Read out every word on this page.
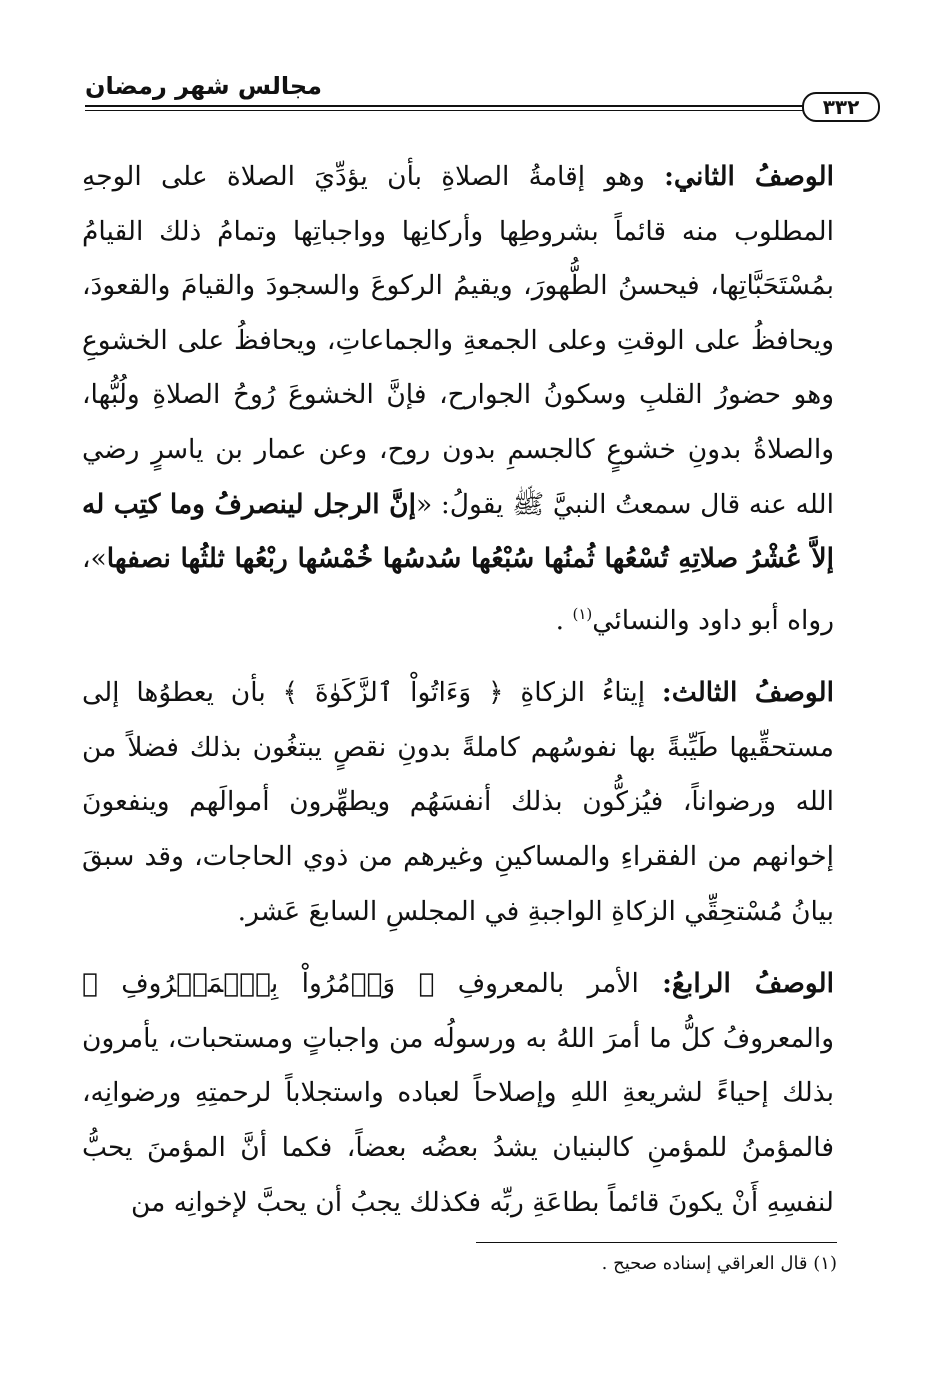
مجالس شهر رمضان
٣٣٢

الوصفُ الثاني: وهو إقامةُ الصلاةِ بأن يؤدِّيَ الصلاة على الوجهِ المطلوب منه قائماً بشروطِها وأركانِها وواجباتِها وتمامُ ذلك القيامُ بمُسْتَحَبَّاتِها، فيحسنُ الطُّهورَ، ويقيمُ الركوعَ والسجودَ والقيامَ والقعودَ، ويحافظُ على الوقتِ وعلى الجمعةِ والجماعاتِ، ويحافظُ على الخشوعِ وهو حضورُ القلبِ وسكونُ الجوارح، فإنَّ الخشوعَ رُوحُ الصلاةِ ولُبُّها، والصلاةُ بدونِ خشوعٍ كالجسمِ بدون روح، وعن عمار بن ياسرٍ رضي الله عنه قال سمعتُ النبيَّ ﷺ يقولُ: «إنَّ الرجل لينصرفُ وما كتِب له إلاَّ عُشْرُ صلاتِهِ تُسْعُها ثُمنُها سُبْعُها سُدسُها خُمْسُها ربْعُها ثلثُها نصفها»، رواه أبو داود والنسائي$^{(١)}$ .

الوصفُ الثالث: إيتاءُ الزكاةِ ﴿ وَءَاتُواْ ٱلزَّكَوٰةَ ﴾ بأن يعطوُها إلى مستحقِّيها طَيِّبةً بها نفوسُهم كاملةً بدونِ نقصٍ يبتغُون بذلك فضلاً من الله ورضواناً، فيُزكُّون بذلك أنفسَهُم ويطهِّرون أموالَهم وينفعونَ إخوانهم من الفقراءِ والمساكينِ وغيرهم من ذوي الحاجات، وقد سبقَ بيانُ مُسْتحِقِّي الزكاةِ الواجبةِ في المجلسِ السابعَ عَشر.

الوصفُ الرابعُ: الأمر بالمعروفِ ﴿ وَأۡمُرُواْ بِٱلۡمَعۡرُوفِ ﴾ والمعروفُ كلُّ ما أمرَ اللهُ به ورسولُه من واجباتٍ ومستحبات، يأمرون بذلك إحياءً لشريعةِ اللهِ وإصلاحاً لعباده واستجلاباً لرحمتِهِ ورضوانِه، فالمؤمنُ للمؤمنِ كالبنيان يشدُ بعضُه بعضاً، فكما أنَّ المؤمنَ يحبُّ لنفسِهِ أَنْ يكونَ قائماً بطاعَةِ ربِّه فكذلك يجبُ أن يحبَّ لإخوانِه من

(١) قال العراقي إسناده صحيح .
